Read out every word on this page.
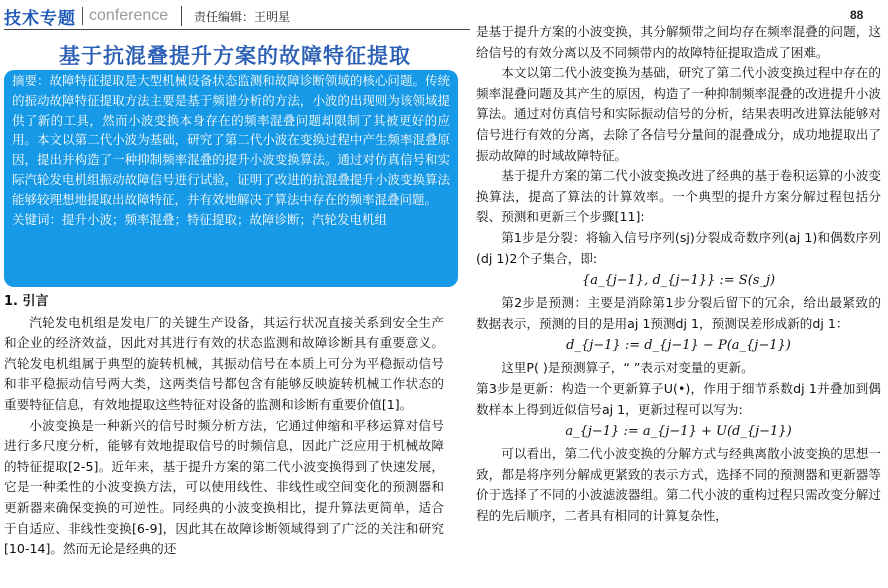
技术专题 conference 责任编辑：王明星	88
基于抗混叠提升方案的故障特征提取

摘要：故障特征提取是大型机械设备状态监测和故障诊断领域的核心问题。传统的振动故障特征提取方法主要是基于频谱分析的方法，小波的出现则为该领域提供了新的工具，然而小波变换本身存在的频率混叠问题却限制了其被更好的应用。本文以第二代小波为基础，研究了第二代小波在变换过程中产生频率混叠原因，提出并构造了一种抑制频率混叠的提升小波变换算法。通过对仿真信号和实际汽轮发电机组振动故障信号进行试验，证明了改进的抗混叠提升小波变换算法能够较理想地提取出故障特征，并有效地解决了算法中存在的频率混叠问题。

关键词：提升小波；频率混叠；特征提取；故障诊断；汽轮发电机组

1. 引言

汽轮发电机组是发电厂的关键生产设备，其运行状况直接关系到安全生产和企业的经济效益，因此对其进行有效的状态监测和故障诊断具有重要意义。汽轮发电机组属于典型的旋转机械，其振动信号在本质上可分为平稳振动信号和非平稳振动信号两大类，这两类信号都包含有能够反映旋转机械工作状态的重要特征信息，有效地提取这些特征对设备的监测和诊断有重要价值[1]。

小波变换是一种新兴的信号时频分析方法，它通过伸缩和平移运算对信号进行多尺度分析，能够有效地提取信号的时频信息，因此广泛应用于机械故障的特征提取[2-5]。近年来，基于提升方案的第二代小波变换得到了快速发展，它是一种柔性的小波变换方法，可以使用线性、非线性或空间变化的预测器和更新器来确保变换的可逆性。同经典的小波变换相比，提升算法更简单，适合于自适应、非线性变换[6-9]，因此其在故障诊断领域得到了广泛的关注和研究[10-14]。然而无论是经典的还

是基于提升方案的小波变换，其分解频带之间均存在频率混叠的问题，这给信号的有效分离以及不同频带内的故障特征提取造成了困难。

本文以第二代小波变换为基础，研究了第二代小波变换过程中存在的频率混叠问题及其产生的原因，构造了一种抑制频率混叠的改进提升小波算法。通过对仿真信号和实际振动信号的分析，结果表明改进算法能够对信号进行有效的分离，去除了各信号分量间的混叠成分，成功地提取出了振动故障的时域故障特征。

基于提升方案的第二代小波变换改进了经典的基于卷积运算的小波变换算法，提高了算法的计算效率。一个典型的提升方案分解过程包括分裂、预测和更新三个步骤[11]:

第1步是分裂：将输入信号序列(sj)分裂成奇数序列(aj 1)和偶数序列(dj 1)2个子集合，即:

{a_{j−1}, d_{j−1}} := S(s_j)

第2步是预测：主要是消除第1步分裂后留下的冗余，给出最紧致的数据表示，预测的目的是用aj 1预测dj 1，预测误差形成新的dj 1：

d_{j−1} := d_{j−1} − P(a_{j−1})

这里P( )是预测算子，“ ”表示对变量的更新。

第3步是更新：构造一个更新算子U(•)，作用于细节系数dj 1并叠加到偶数样本上得到近似信号aj 1，更新过程可以写为:

a_{j−1} := a_{j−1} + U(d_{j−1})

可以看出，第二代小波变换的分解方式与经典离散小波变换的思想一致，都是将序列分解成更紧致的表示方式，选择不同的预测器和更新器等价于选择了不同的小波滤波器组。第二代小波的重构过程只需改变分解过程的先后顺序，二者具有相同的计算复杂性，
